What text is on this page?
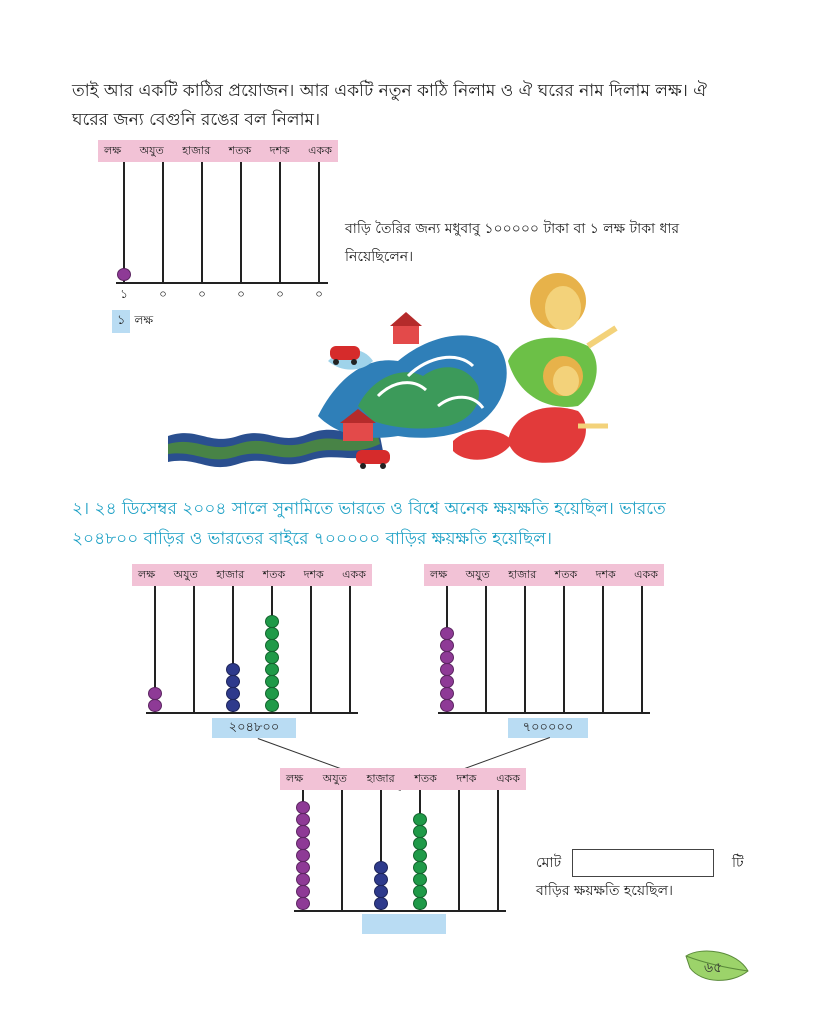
তাই আর একটি কাঠির প্রয়োজন। আর একটি নতুন কাঠি নিলাম ও ঐ ঘরের নাম দিলাম লক্ষ। ঐ

ঘরের জন্য বেগুনি রঙের বল নিলাম।

লক্ষ অযুত হাজার শতক দশক একক
১	০	০	০	০	০
১ লক্ষ
বাড়ি তৈরির জন্য মধুবাবু ১০০০০০ টাকা বা ১ লক্ষ টাকা ধার
নিয়েছিলেন।

২। ২৪ ডিসেম্বর ২০০৪ সালে সুনামিতে ভারতে ও বিশ্বে অনেক ক্ষয়ক্ষতি হয়েছিল। ভারতে

২০৪৮০০ বাড়ির ও ভারতের বাইরে ৭০০০০০ বাড়ির ক্ষয়ক্ষতি হয়েছিল।

লক্ষ অযুত হাজার শতক দশক একক
২০৪৮০০
লক্ষ অযুত হাজার শতক দশক একক
৭০০০০০
লক্ষ অযুত হাজার শতক দশক একক
মোট	টি
বাড়ির ক্ষয়ক্ষতি হয়েছিল।
৬৫
